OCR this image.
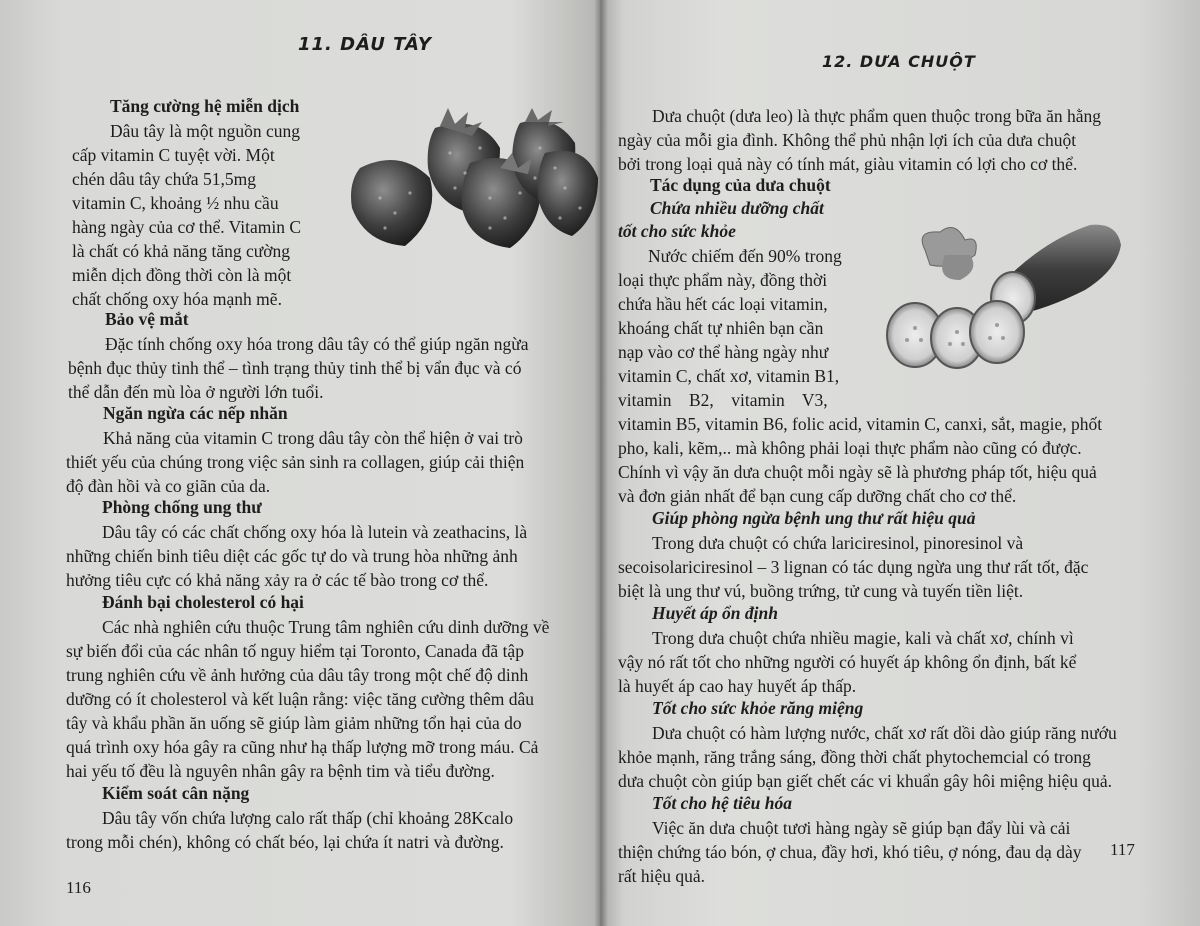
11. DÂU TÂY
Tăng cường hệ miễn dịch
Dâu tây là một nguồn cung
cấp vitamin C tuyệt vời. Một
chén dâu tây chứa 51,5mg
vitamin C, khoảng ½ nhu cầu
hàng ngày của cơ thể. Vitamin C
là chất có khả năng tăng cường
miễn dịch đồng thời còn là một
chất chống oxy hóa mạnh mẽ.
Bảo vệ mắt
Đặc tính chống oxy hóa trong dâu tây có thể giúp ngăn ngừa
bệnh đục thủy tinh thể – tình trạng thủy tinh thể bị vẩn đục và có
thể dẫn đến mù lòa ở người lớn tuổi.
Ngăn ngừa các nếp nhăn
Khả năng của vitamin C trong dâu tây còn thể hiện ở vai trò
thiết yếu của chúng trong việc sản sinh ra collagen, giúp cải thiện
độ đàn hồi và co giãn của da.
Phòng chống ung thư
Dâu tây có các chất chống oxy hóa là lutein và zeathacins, là
những chiến binh tiêu diệt các gốc tự do và trung hòa những ảnh
hưởng tiêu cực có khả năng xảy ra ở các tế bào trong cơ thể.
Đánh bại cholesterol có hại
Các nhà nghiên cứu thuộc Trung tâm nghiên cứu dinh dưỡng về
sự biến đổi của các nhân tố nguy hiểm tại Toronto, Canada đã tập
trung nghiên cứu về ảnh hưởng của dâu tây trong một chế độ dinh
dưỡng có ít cholesterol và kết luận rằng: việc tăng cường thêm dâu
tây và khẩu phần ăn uống sẽ giúp làm giảm những tổn hại của do
quá trình oxy hóa gây ra cũng như hạ thấp lượng mỡ trong máu. Cả
hai yếu tố đều là nguyên nhân gây ra bệnh tim và tiểu đường.
Kiểm soát cân nặng
Dâu tây vốn chứa lượng calo rất thấp (chỉ khoảng 28Kcalo
trong mỗi chén), không có chất béo, lại chứa ít natri và đường.
116
12. DƯA CHUỘT
Dưa chuột (dưa leo) là thực phẩm quen thuộc trong bữa ăn hằng
ngày của mỗi gia đình. Không thể phủ nhận lợi ích của dưa chuột
bởi trong loại quả này có tính mát, giàu vitamin có lợi cho cơ thể.
Tác dụng của dưa chuột
Chứa nhiều dưỡng chất
tốt cho sức khỏe
Nước chiếm đến 90% trong
loại thực phẩm này, đồng thời
chứa hầu hết các loại vitamin,
khoáng chất tự nhiên bạn cần
nạp vào cơ thể hàng ngày như
vitamin C, chất xơ, vitamin B1,
vitamin    B2,    vitamin    V3,
vitamin B5, vitamin B6, folic acid, vitamin C, canxi, sắt, magie, phốt
pho, kali, kẽm,.. mà không phải loại thực phẩm nào cũng có được.
Chính vì vậy ăn dưa chuột mỗi ngày sẽ là phương pháp tốt, hiệu quả
và đơn giản nhất để bạn cung cấp dưỡng chất cho cơ thể.
Giúp phòng ngừa bệnh ung thư rất hiệu quả
Trong dưa chuột có chứa lariciresinol, pinoresinol và
secoisolariciresinol – 3 lignan có tác dụng ngừa ung thư rất tốt, đặc
biệt là ung thư vú, buồng trứng, tử cung và tuyến tiền liệt.
Huyết áp ổn định
Trong dưa chuột chứa nhiều magie, kali và chất xơ, chính vì
vậy nó rất tốt cho những người có huyết áp không ổn định, bất kể
là huyết áp cao hay huyết áp thấp.
Tốt cho sức khỏe răng miệng
Dưa chuột có hàm lượng nước, chất xơ rất dồi dào giúp răng nướu
khỏe mạnh, răng trắng sáng, đồng thời chất phytochemcial có trong
dưa chuột còn giúp bạn giết chết các vi khuẩn gây hôi miệng hiệu quả.
Tốt cho hệ tiêu hóa
Việc ăn dưa chuột tươi hàng ngày sẽ giúp bạn đẩy lùi và cải
thiện chứng táo bón, ợ chua, đầy hơi, khó tiêu, ợ nóng, đau dạ dày
rất hiệu quả.
117
